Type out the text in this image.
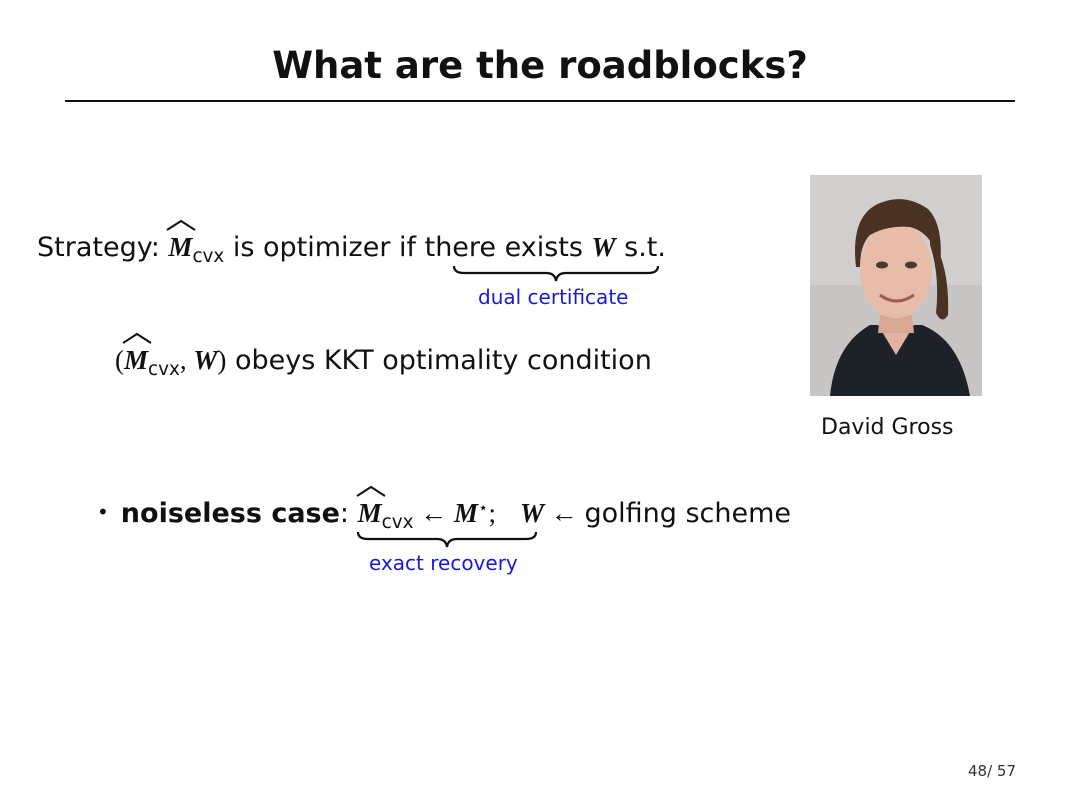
What are the roadblocks?
Strategy: $M_{cvx}$ is optimizer if there exists W s.t.
dual certificate
(
$M_{cvx}$, W) obeys KKT optimality condition
David Gross
• noiseless case:
$M_{cvx}$ ← M⋆; W ← golfing scheme
exact recovery
48/ 57
